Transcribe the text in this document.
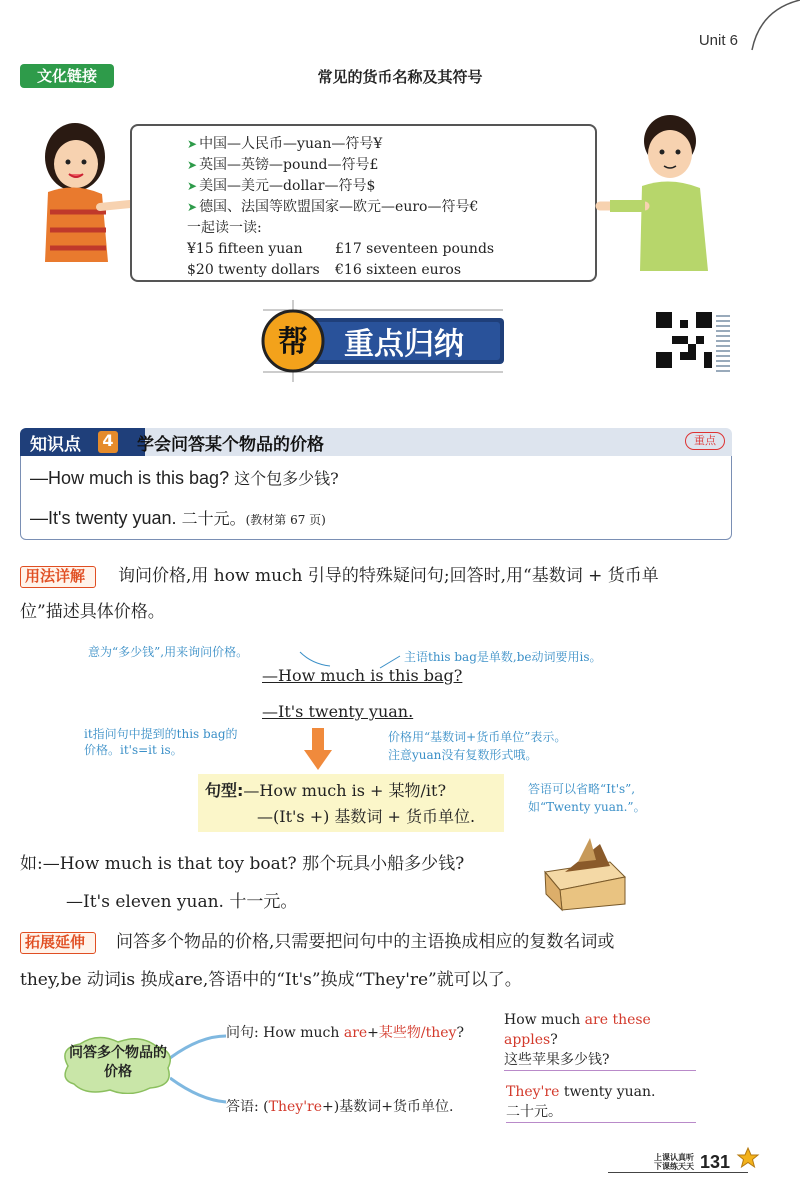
Unit 6
文化链接	常见的货币名称及其符号
➤ 中国—人民币—yuan—符号¥
➤ 英国—英镑—pound—符号£
➤ 美国—美元—dollar—符号$
➤ 德国、法国等欧盟国家—欧元—euro—符号€
一起读一读:
¥15 fifteen yuan	£17 seventeen pounds
$20 twenty dollars	€16 sixteen euros
帮 重点归纳
知识点 4 学会问答某个物品的价格	重点
—How much is this bag? 这个包多少钱?
—It's twenty yuan. 二十元。(教材第 67 页)
用法详解	询问价格,用 how much 引导的特殊疑问句;回答时,用“基数词 + 货币单
位”描述具体价格。
意为“多少钱”,用来询问价格。	主语this bag是单数,be动词要用is。
—How much is this bag?
—It's twenty yuan.
it指问句中提到的this bag的
价格。it's=it is。
价格用“基数词+货币单位”表示。
注意yuan没有复数形式哦。
句型:—How much is + 某物/it?
—(It's +) 基数词 + 货币单位.
答语可以省略“It's”,
如“Twenty yuan.”。
如:—How much is that toy boat? 那个玩具小船多少钱?
—It's eleven yuan. 十一元。
拓展延伸	问答多个物品的价格,只需要把问句中的主语换成相应的复数名词或
they,be 动词is 换成are,答语中的“It's”换成“They're”就可以了。
问答多个物品的价格
问句: How much are+某些物/they?
答语: (They're+)基数词+货币单位.
How much are these apples?
这些苹果多少钱?
They're twenty yuan.
二十元。
上课认真听
下课练天天 131
